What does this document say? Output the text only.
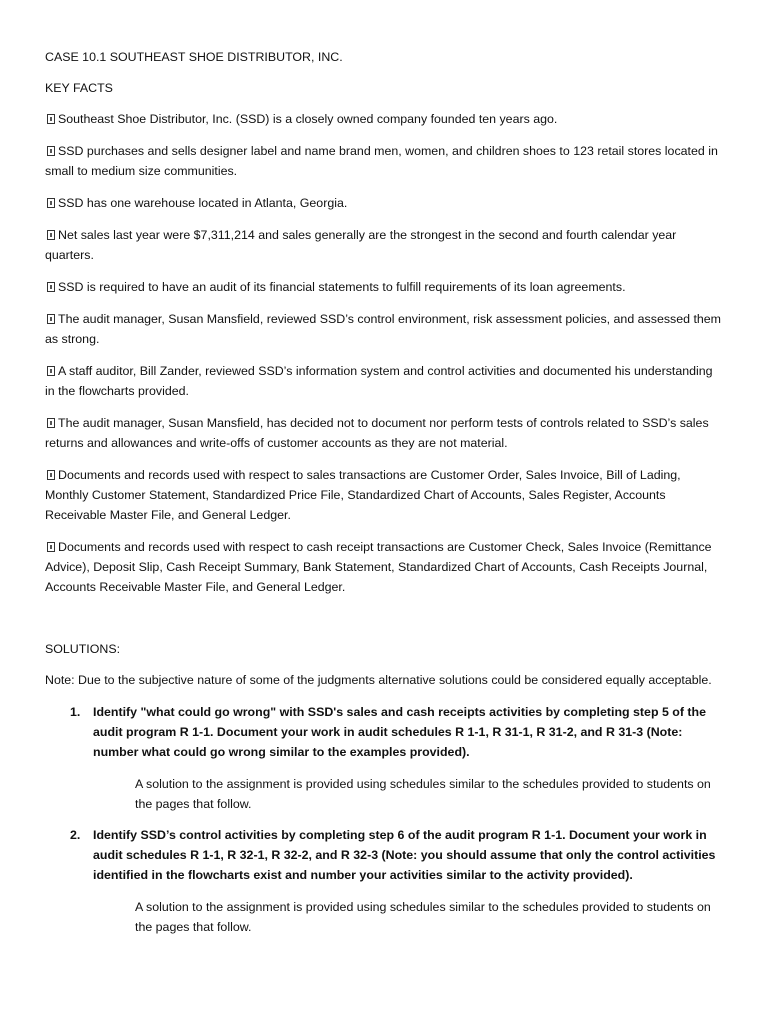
CASE 10.1 SOUTHEAST SHOE DISTRIBUTOR, INC.
KEY FACTS
Southeast Shoe Distributor, Inc. (SSD) is a closely owned company founded ten years ago.
SSD purchases and sells designer label and name brand men, women, and children shoes to 123 retail stores located in small to medium size communities.
SSD has one warehouse located in Atlanta, Georgia.
Net sales last year were $7,311,214 and sales generally are the strongest in the second and fourth calendar year quarters.
SSD is required to have an audit of its financial statements to fulfill requirements of its loan agreements.
The audit manager, Susan Mansfield, reviewed SSD’s control environment, risk assessment policies, and assessed them as strong.
A staff auditor, Bill Zander, reviewed SSD’s information system and control activities and documented his understanding in the flowcharts provided.
The audit manager, Susan Mansfield, has decided not to document nor perform tests of controls related to SSD’s sales returns and allowances and write-offs of customer accounts as they are not material.
Documents and records used with respect to sales transactions are Customer Order, Sales Invoice, Bill of Lading, Monthly Customer Statement, Standardized Price File, Standardized Chart of Accounts, Sales Register, Accounts Receivable Master File, and General Ledger.
Documents and records used with respect to cash receipt transactions are Customer Check, Sales Invoice (Remittance Advice), Deposit Slip, Cash Receipt Summary, Bank Statement, Standardized Chart of Accounts, Cash Receipts Journal, Accounts Receivable Master File, and General Ledger.
SOLUTIONS:
Note: Due to the subjective nature of some of the judgments alternative solutions could be considered equally acceptable.
1. Identify "what could go wrong" with SSD's sales and cash receipts activities by completing step 5 of the audit program R 1-1. Document your work in audit schedules R 1-1, R 31-1, R 31-2, and R 31-3 (Note: number what could go wrong similar to the examples provided).
A solution to the assignment is provided using schedules similar to the schedules provided to students on the pages that follow.
2. Identify SSD’s control activities by completing step 6 of the audit program R 1-1. Document your work in audit schedules R 1-1, R 32-1, R 32-2, and R 32-3 (Note: you should assume that only the control activities identified in the flowcharts exist and number your activities similar to the activity provided).
A solution to the assignment is provided using schedules similar to the schedules provided to students on the pages that follow.
